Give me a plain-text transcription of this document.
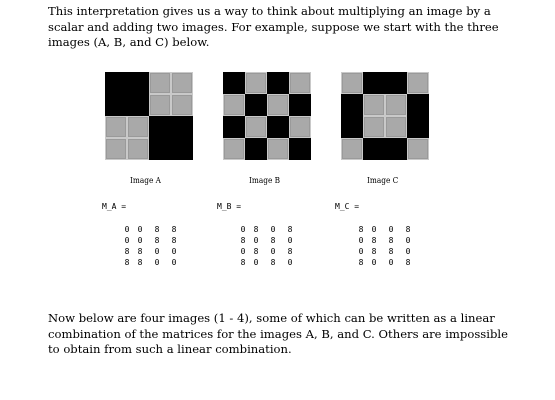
This interpretation gives us a way to think about multiplying an image by a scalar and adding two images. For example, suppose we start with the three images (A, B, and C) below.

Image A	Image B	Image C
M_A =	M_B =	M_C =
0 0 8 8
0 0 8 8
8 8 0 0
8 8 0 0
0 8 0 8
8 0 8 0
0 8 0 8
8 0 8 0
8 0 0 8
0 8 8 0
0 8 8 0
8 0 0 8

Now below are four images (1 - 4), some of which can be written as a linear combination of the matrices for the images A, B, and C. Others are impossible to obtain from such a linear combination.
